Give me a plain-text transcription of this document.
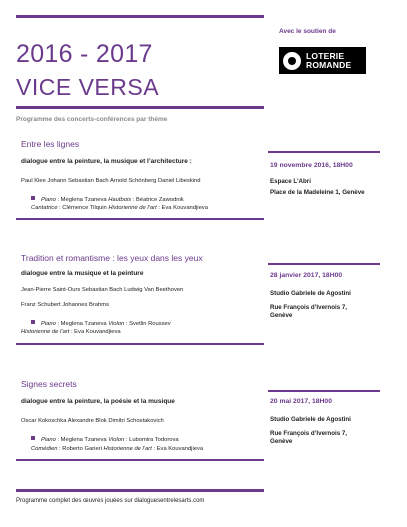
2016 - 2017
VICE VERSA
Programme des concerts-conférences par thème
Avec le soutien de
LOTERIE
ROMANDE
Entre les lignes
dialogue entre la peinture, la musique et l’architecture :
Paul Klee Johann Sebastian Bach Arnold Schönberg Daniel Libeskind
Piano : Meglena Tzaneva Hautbois : Béatrice Zawodnik
Cantatrice : Clémence Tilquin Historienne de l’art : Eva Kouvandjieva
19 novembre 2016, 18H00
Espace L’Abri
Place de la Madeleine 1, Genève
Tradition et romantisme : les yeux dans les yeux
dialogue entre la musique et la peinture
Jean-Pierre Saint-Ours Sebastian Bach Ludwig Van Beethoven
Franz Schubert Johannes Brahms
Piano : Meglena Tzaneva Violon : Svetlin Roussev
Historienne de l’art : Eva Kouvandjieva
28 janvier 2017, 18H00
Studio Gabriele de Agostini
Rue François d’Ivernois 7,
Genève
Signes secrets
dialogue entre la peinture, la poésie et la musique
Oscar Kokoschka Alexandre Blok Dimitri Schostakovich
Piano : Meglena Tzaneva Violon : Lubomira Todorova
Comédien : Roberto Garieri Historienne de l’art : Eva Kouvandjieva
20 mai 2017, 18H00
Studio Gabriele de Agostini
Rue François d’Ivernois 7,
Genève
Programme complet des œuvres jouées sur dialoguesentrelesarts.com
